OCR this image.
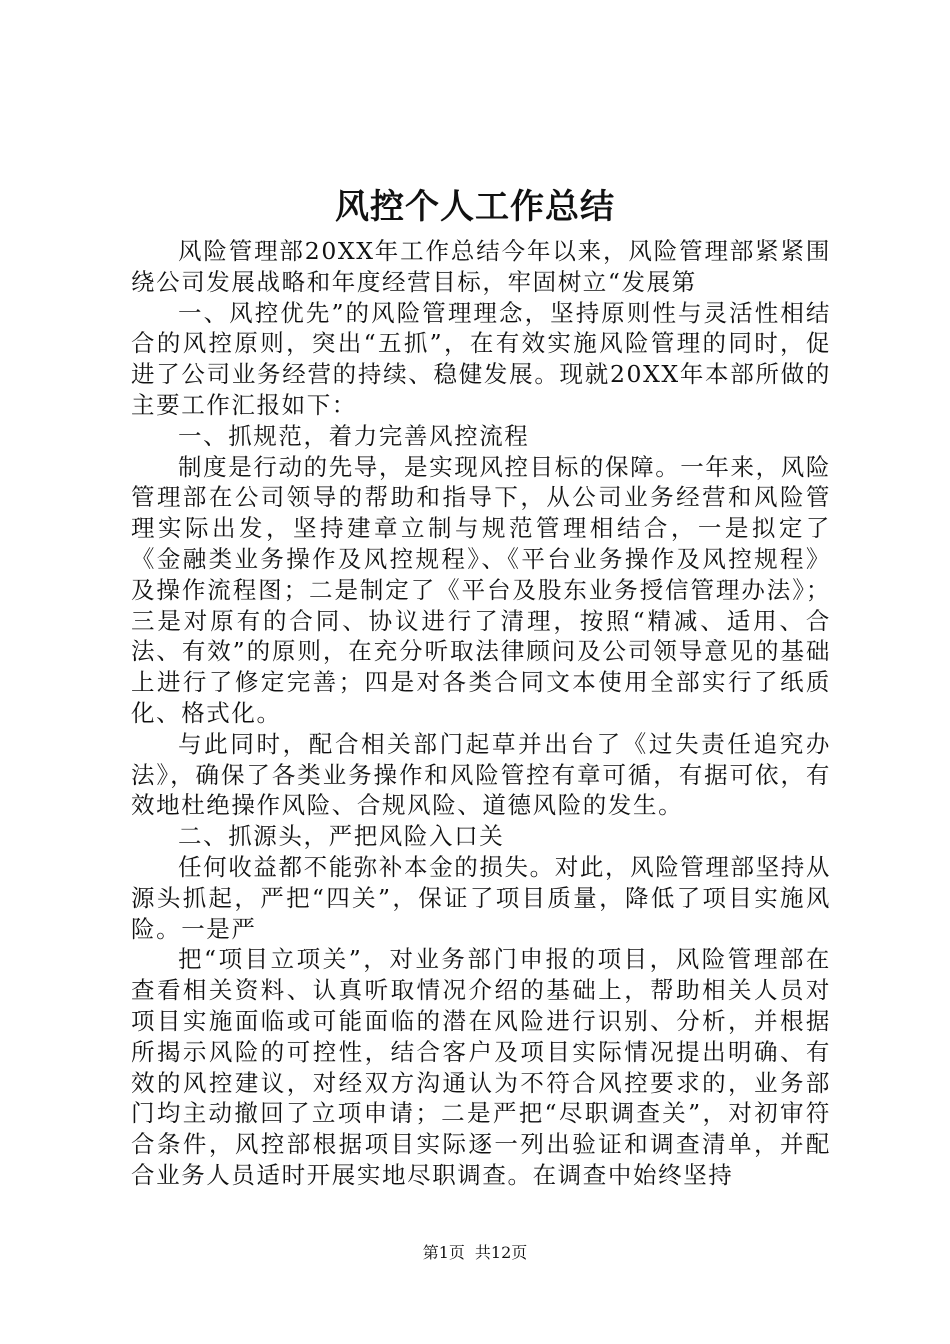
风控个人工作总结

风险管理部20XX年工作总结今年以来，风险管理部紧紧围绕公司发展战略和年度经营目标，牢固树立“发展第

一、风控优先”的风险管理理念，坚持原则性与灵活性相结合的风控原则，突出“五抓”，在有效实施风险管理的同时，促进了公司业务经营的持续、稳健发展。现就20XX年本部所做的主要工作汇报如下：

一、抓规范，着力完善风控流程

制度是行动的先导，是实现风控目标的保障。一年来，风险管理部在公司领导的帮助和指导下，从公司业务经营和风险管理实际出发，坚持建章立制与规范管理相结合，一是拟定了《金融类业务操作及风控规程》、《平台业务操作及风控规程》及操作流程图；二是制定了《平台及股东业务授信管理办法》；三是对原有的合同、协议进行了清理，按照“精减、适用、合法、有效”的原则，在充分听取法律顾问及公司领导意见的基础上进行了修定完善；四是对各类合同文本使用全部实行了纸质化、格式化。

与此同时，配合相关部门起草并出台了《过失责任追究办法》，确保了各类业务操作和风险管控有章可循，有据可依，有效地杜绝操作风险、合规风险、道德风险的发生。

二、抓源头，严把风险入口关

任何收益都不能弥补本金的损失。对此，风险管理部坚持从源头抓起，严把“四关”，保证了项目质量，降低了项目实施风险。一是严

把“项目立项关”，对业务部门申报的项目，风险管理部在查看相关资料、认真听取情况介绍的基础上，帮助相关人员对项目实施面临或可能面临的潜在风险进行识别、分析，并根据所揭示风险的可控性，结合客户及项目实际情况提出明确、有效的风控建议，对经双方沟通认为不符合风控要求的，业务部门均主动撤回了立项申请；二是严把“尽职调查关”，对初审符合条件，风控部根据项目实际逐一列出验证和调查清单，并配合业务人员适时开展实地尽职调查。在调查中始终坚持

第1页 共12页
